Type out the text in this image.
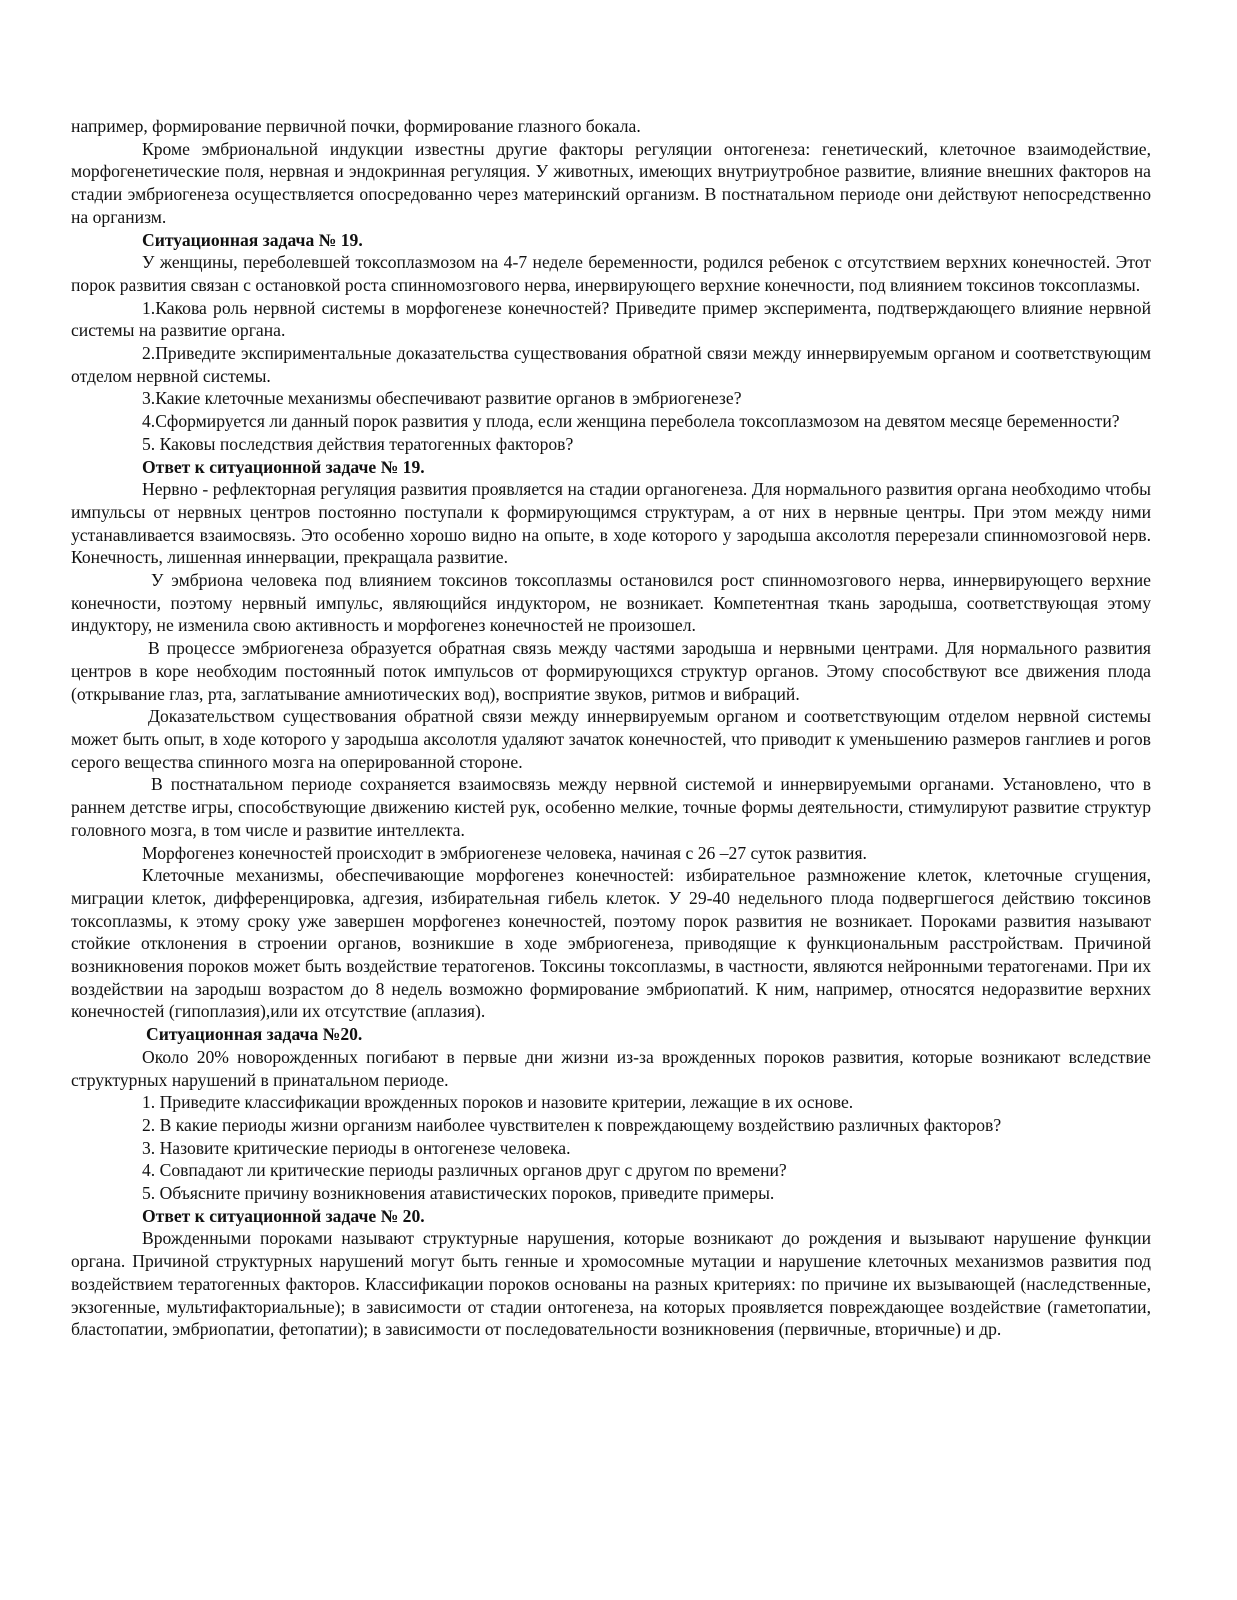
например, формирование первичной почки, формирование глазного бокала.

Кроме эмбриональной индукции известны другие факторы регуляции онтогенеза: генетический, клеточное взаимодействие, морфогенетические поля, нервная и эндокринная регуляция. У животных, имеющих внутриутробное развитие, влияние внешних факторов на стадии эмбриогенеза осуществляется опосредованно через материнский организм. В постнатальном периоде они действуют непосредственно на организм.

Ситуационная задача № 19.

У женщины, переболевшей токсоплазмозом на 4-7 неделе беременности, родился ребенок с отсутствием верхних конечностей. Этот порок развития связан с остановкой роста спинномозгового нерва, инервирующего верхние конечности, под влиянием токсинов токсоплазмы.

1.Какова роль нервной системы в морфогенезе конечностей? Приведите пример эксперимента, подтверждающего влияние нервной системы на развитие органа.

2.Приведите экспириментальные доказательства существования обратной связи между иннервируемым органом и соответствующим отделом нервной системы.

3.Какие клеточные механизмы обеспечивают развитие органов в эмбриогенезе?

4.Сформируется ли данный порок развития у плода, если женщина переболела токсоплазмозом на девятом месяце беременности?

5. Каковы последствия действия тератогенных факторов?

Ответ к ситуационной задаче № 19.

Нервно - рефлекторная регуляция развития проявляется на стадии органогенеза. Для нормального развития органа необходимо чтобы импульсы от нервных центров постоянно поступали к формирующимся структурам, а от них в нервные центры. При этом между ними устанавливается взаимосвязь. Это особенно хорошо видно на опыте, в ходе которого у зародыша аксолотля перерезали спинномозговой нерв. Конечность, лишенная иннервации, прекращала развитие.

У эмбриона человека под влиянием токсинов токсоплазмы остановился рост спинномозгового нерва, иннервирующего верхние конечности, поэтому нервный импульс, являющийся индуктором, не возникает. Компетентная ткань зародыша, соответствующая этому индуктору, не изменила свою активность и морфогенез конечностей не произошел.

В процессе эмбриогенеза образуется обратная связь между частями зародыша и нервными центрами. Для нормального развития центров в коре необходим постоянный поток импульсов от формирующихся структур органов. Этому способствуют все движения плода (открывание глаз, рта, заглатывание амниотических вод), восприятие звуков, ритмов и вибраций.

Доказательством существования обратной связи между иннервируемым органом и соответствующим отделом нервной системы может быть опыт, в ходе которого у зародыша аксолотля удаляют зачаток конечностей, что приводит к уменьшению размеров ганглиев и рогов серого вещества спинного мозга на оперированной стороне.

В постнатальном периоде сохраняется взаимосвязь между нервной системой и иннервируемыми органами. Установлено, что в раннем детстве игры, способствующие движению кистей рук, особенно мелкие, точные формы деятельности, стимулируют развитие структур головного мозга, в том числе и развитие интеллекта.

Морфогенез конечностей происходит в эмбриогенезе человека, начиная с 26 –27 суток развития.

Клеточные механизмы, обеспечивающие морфогенез конечностей: избирательное размножение клеток, клеточные сгущения, миграции клеток, дифференцировка, адгезия, избирательная гибель клеток. У 29-40 недельного плода подвергшегося действию токсинов токсоплазмы, к этому сроку уже завершен морфогенез конечностей, поэтому порок развития не возникает. Пороками развития называют стойкие отклонения в строении органов, возникшие в ходе эмбриогенеза, приводящие к функциональным расстройствам. Причиной возникновения пороков может быть воздействие тератогенов. Токсины токсоплазмы, в частности, являются нейронными тератогенами. При их воздействии на зародыш возрастом до 8 недель возможно формирование эмбриопатий. К ним, например, относятся недоразвитие верхних конечностей (гипоплазия),или их отсутствие (аплазия).

Ситуационная задача №20.

Около 20% новорожденных погибают в первые дни жизни из-за врожденных пороков развития, которые возникают вследствие структурных нарушений в принатальном периоде.

1. Приведите классификации врожденных пороков и назовите критерии, лежащие в их основе.

2. В какие периоды жизни организм наиболее чувствителен к повреждающему воздействию различных факторов?

3. Назовите критические периоды в онтогенезе человека.

4. Совпадают ли критические периоды различных органов друг с другом по времени?

5. Объясните причину возникновения атавистических пороков, приведите примеры.

Ответ к ситуационной задаче № 20.

Врожденными пороками называют структурные нарушения, которые возникают до рождения и вызывают нарушение функции органа. Причиной структурных нарушений могут быть генные и хромосомные мутации и нарушение клеточных механизмов развития под воздействием тератогенных факторов. Классификации пороков основаны на разных критериях: по причине их вызывающей (наследственные, экзогенные, мультифакториальные); в зависимости от стадии онтогенеза, на которых проявляется повреждающее воздействие (гаметопатии, бластопатии, эмбриопатии, фетопатии); в зависимости от последовательности возникновения (первичные, вторичные) и др.
